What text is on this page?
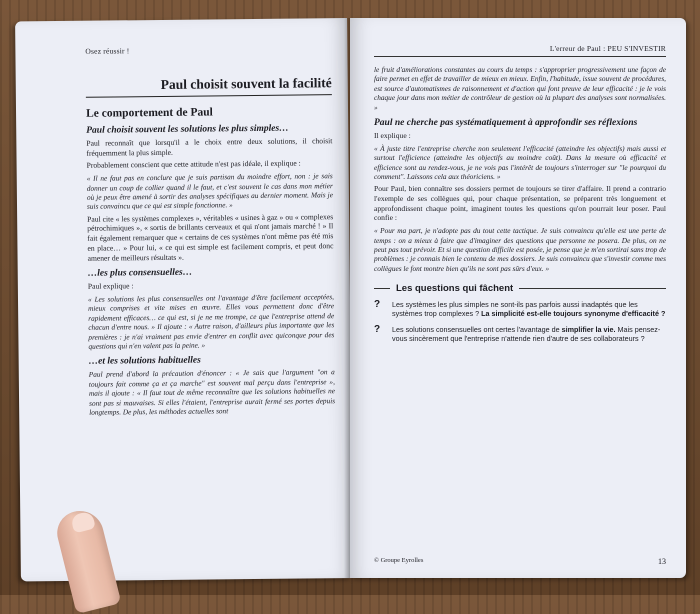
Osez réussir !
Paul choisit souvent la facilité
Le comportement de Paul
Paul choisit souvent les solutions les plus simples…

Paul reconnaît que lorsqu'il a le choix entre deux solutions, il choisit fréquemment la plus simple.

Probablement conscient que cette attitude n'est pas idéale, il explique :

« Il ne faut pas en conclure que je suis partisan du moindre effort, non : je sais donner un coup de collier quand il le faut, et c'est souvent le cas dans mon métier où je peux être amené à sortir des analyses spécifiques au dernier moment. Mais je suis convaincu que ce qui est simple fonctionne. »

Paul cite « les systèmes complexes », véritables « usines à gaz » ou « complexes pétrochimiques », « sortis de brillants cerveaux et qui n'ont jamais marché ! » Il fait également remarquer que « certains de ces systèmes n'ont même pas été mis en place… » Pour lui, « ce qui est simple est facilement compris, et peut donc amener de meilleurs résultats ».

…les plus consensuelles…

Paul explique :

« Les solutions les plus consensuelles ont l'avantage d'être facilement acceptées, mieux comprises et vite mises en œuvre. Elles vous permettent donc d'être rapidement efficaces… ce qui est, si je ne me trompe, ce que l'entreprise attend de chacun d'entre nous. » Il ajoute : « Autre raison, d'ailleurs plus importante que les premières : je n'ai vraiment pas envie d'entrer en conflit avec quiconque pour des questions qui n'en valent pas la peine. »

…et les solutions habituelles

Paul prend d'abord la précaution d'énoncer : « Je sais que l'argument "on a toujours fait comme ça et ça marche" est souvent mal perçu dans l'entreprise », mais il ajoute : « Il faut tout de même reconnaître que les solutions habituelles ne sont pas si mauvaises. Si elles l'étaient, l'entreprise aurait fermé ses portes depuis longtemps. De plus, les méthodes actuelles sont

L'erreur de Paul : PEU S'INVESTIR

le fruit d'améliorations constantes au cours du temps : s'approprier progressivement une façon de faire permet en effet de travailler de mieux en mieux. Enfin, l'habitude, issue souvent de procédures, est source d'automatismes de raisonnement et d'action qui font preuve de leur efficacité : je le vois chaque jour dans mon métier de contrôleur de gestion où la plupart des analyses sont normalisées. »

Paul ne cherche pas systématiquement à approfondir ses réflexions

Il explique :

« À juste titre l'entreprise cherche non seulement l'efficacité (atteindre les objectifs) mais aussi et surtout l'efficience (atteindre les objectifs au moindre coût). Dans la mesure où efficacité et efficience sont au rendez-vous, je ne vois pas l'intérêt de toujours s'interroger sur "le pourquoi du comment". Laissons cela aux théoriciens. »

Pour Paul, bien connaître ses dossiers permet de toujours se tirer d'affaire. Il prend a contrario l'exemple de ses collègues qui, pour chaque présentation, se préparent très longuement et approfondissent chaque point, imaginent toutes les questions qu'on pourrait leur poser. Paul confie :

« Pour ma part, je n'adopte pas du tout cette tactique. Je suis convaincu qu'elle est une perte de temps : on a mieux à faire que d'imaginer des questions que personne ne posera. De plus, on ne peut pas tout prévoir. Et si une question difficile est posée, je pense que je m'en sortirai sans trop de problèmes : je connais bien le contenu de mes dossiers. Je suis convaincu que s'investir comme mes collègues le font montre bien qu'ils ne sont pas sûrs d'eux. »

Les questions qui fâchent
?	Les systèmes les plus simples ne sont-ils pas parfois aussi inadaptés que les systèmes trop complexes ? La simplicité est-elle toujours synonyme d'efficacité ?
?	Les solutions consensuelles ont certes l'avantage de simplifier la vie. Mais pensez-vous sincèrement que l'entreprise n'attende rien d'autre de ses collaborateurs ?
© Groupe Eyrolles	13
